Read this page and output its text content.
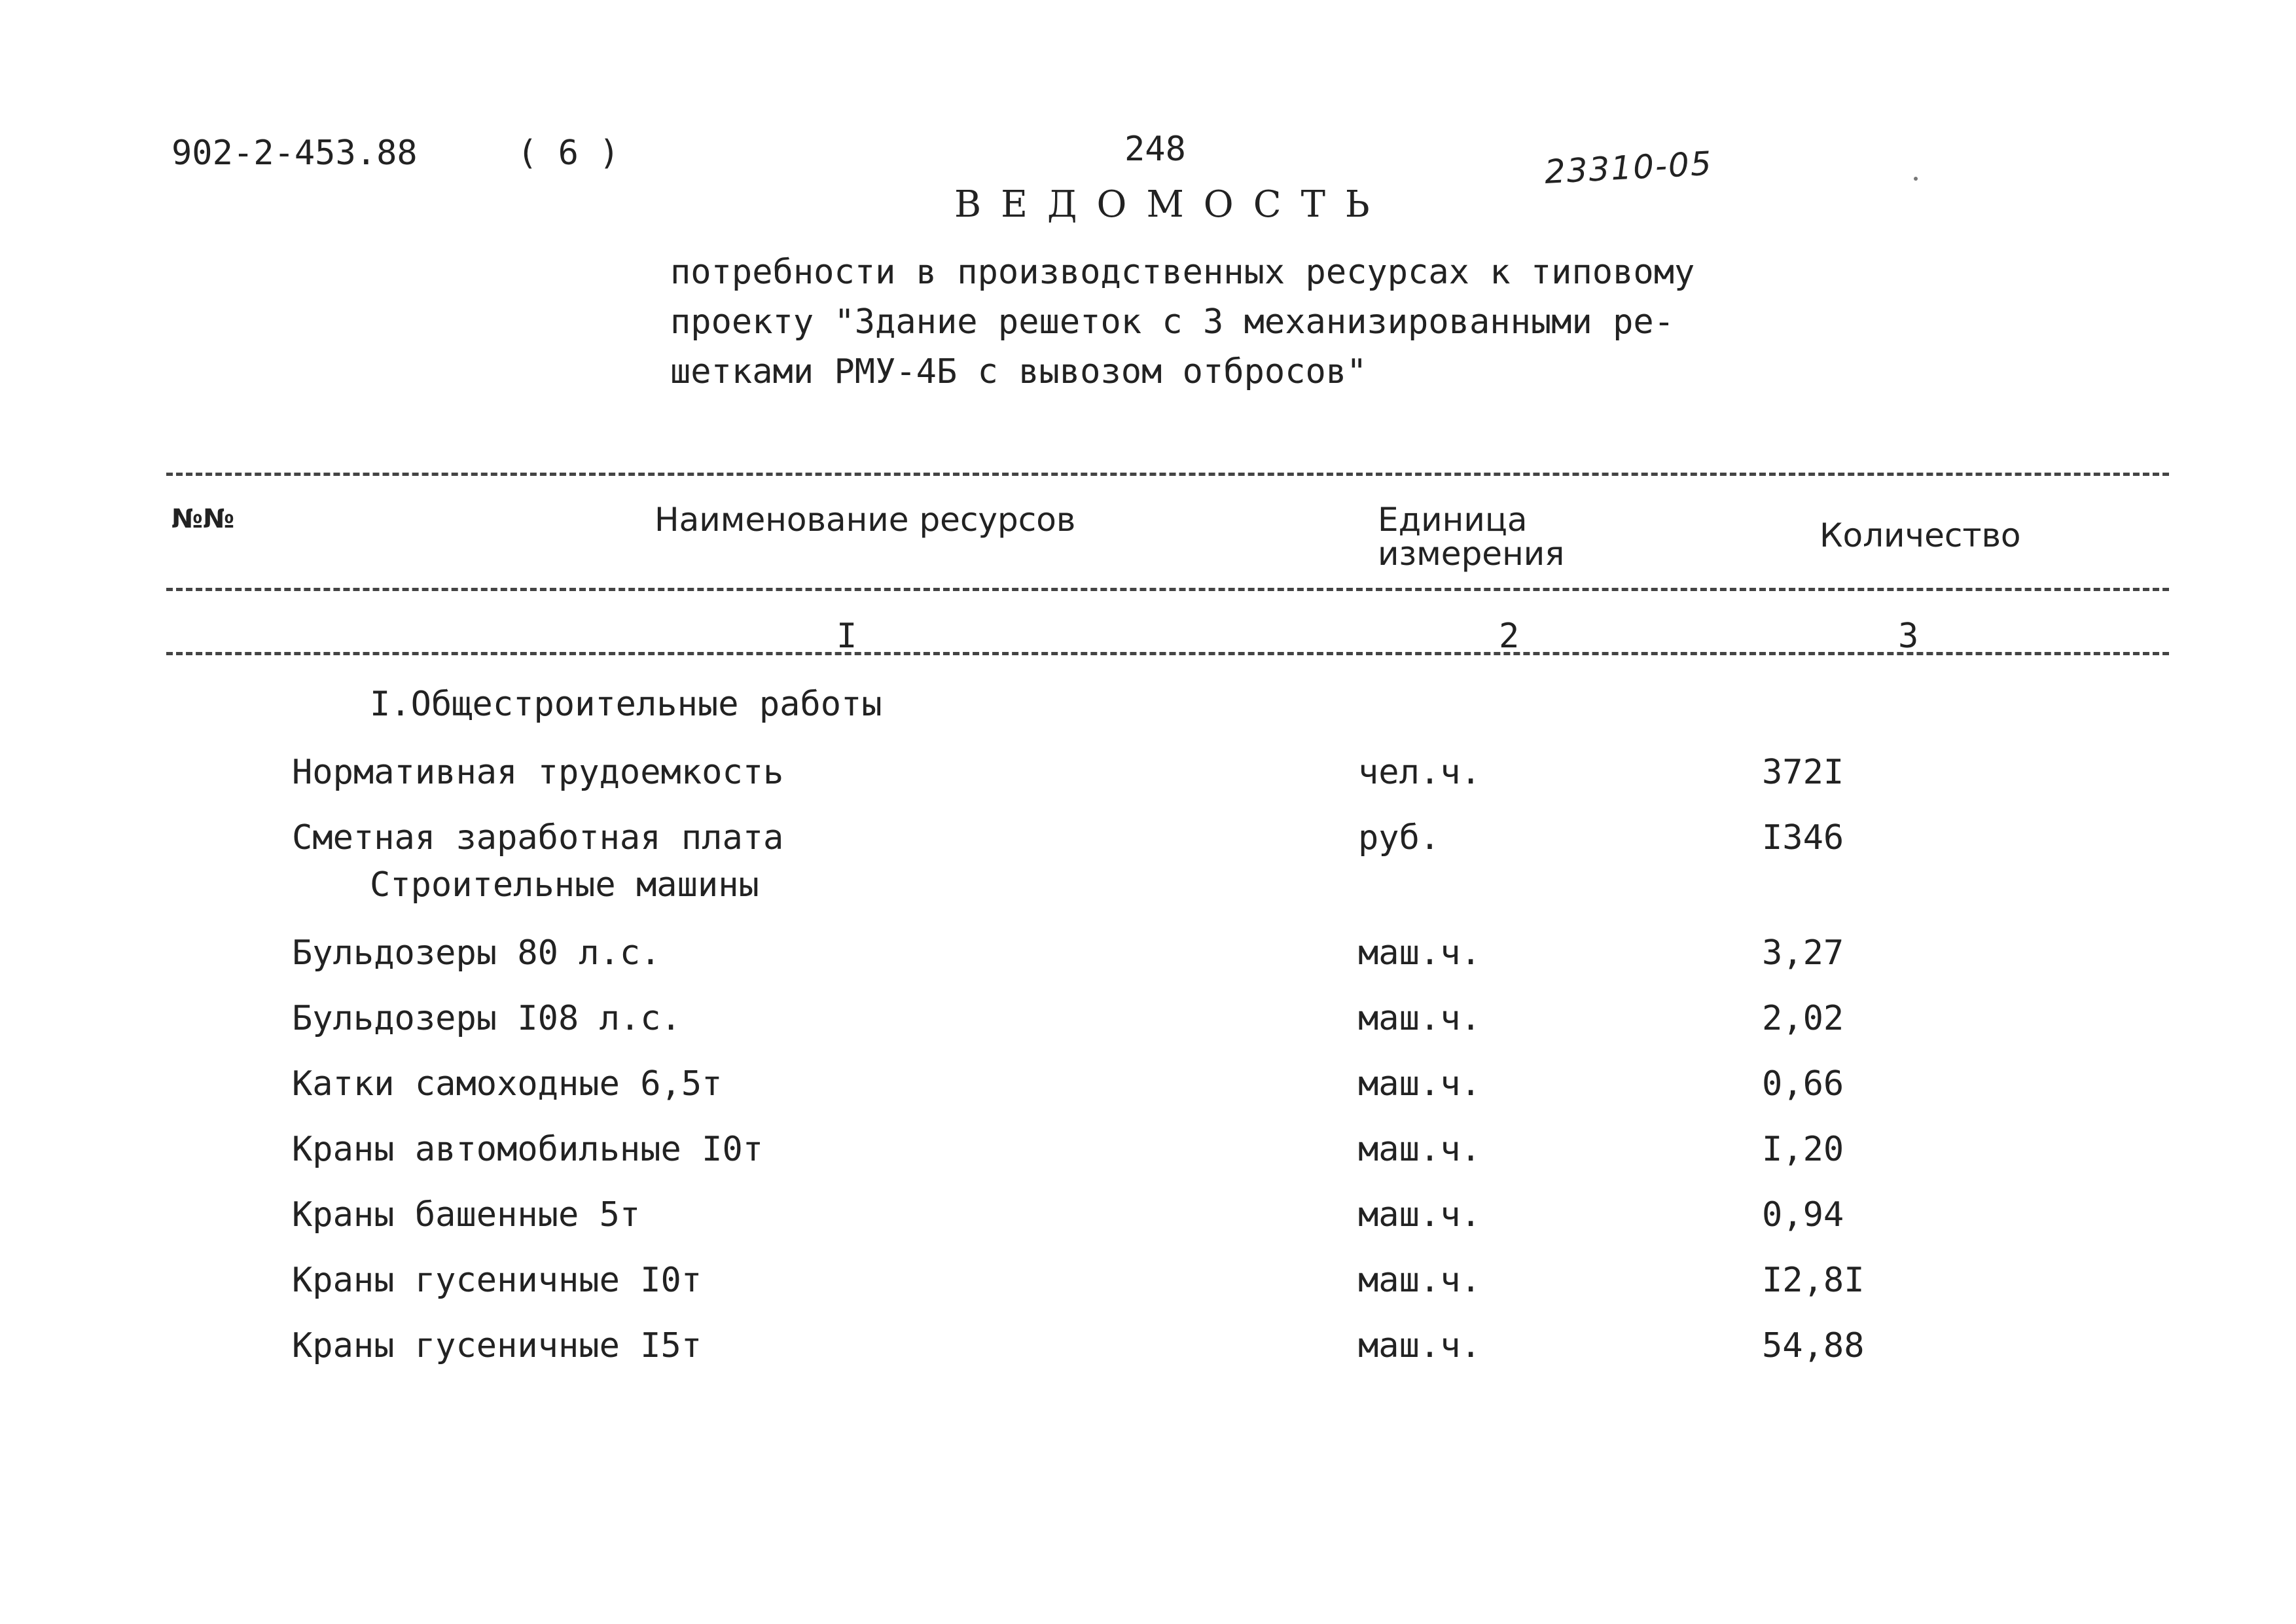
902-2-453.88	( 6 )	248	23310-05
ВЕДОМОСТЬ
потребности в производственных ресурсах к типовому
проекту "Здание решеток с 3 механизированными ре-
шетками РМУ-4Б с вывозом отбросов"
№№	Наименование ресурсов	Единица
измерения	Количество
I	2	3
I.Общестроительные работы
Нормативная трудоемкость	чел.ч.	372I
Сметная заработная плата	руб.	I346
Строительные машины
Бульдозеры 80 л.с.	маш.ч.	3,27
Бульдозеры I08 л.с.	маш.ч.	2,02
Катки самоходные 6,5т	маш.ч.	0,66
Краны автомобильные I0т	маш.ч.	I,20
Краны башенные 5т	маш.ч.	0,94
Краны гусеничные I0т	маш.ч.	I2,8I
Краны гусеничные I5т	маш.ч.	54,88
